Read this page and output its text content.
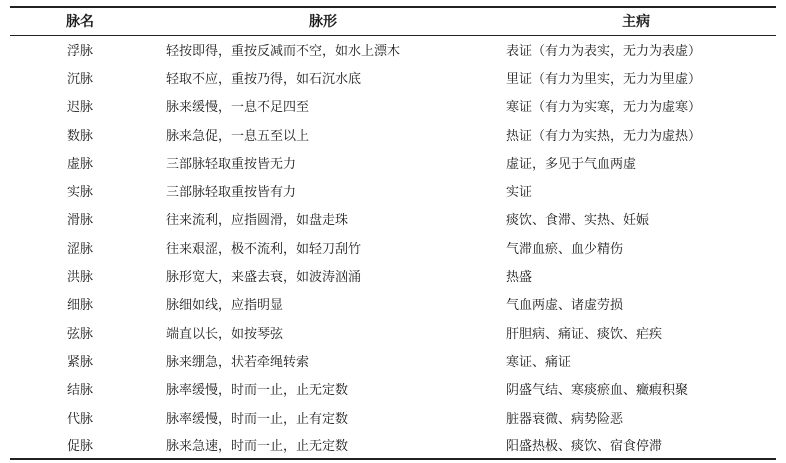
脉名	脉形	主病
浮脉	轻按即得，重按反减而不空，如水上漂木	表证（有力为表实，无力为表虚）
沉脉	轻取不应，重按乃得，如石沉水底	里证（有力为里实，无力为里虚）
迟脉	脉来缓慢，一息不足四至	寒证（有力为实寒，无力为虚寒）
数脉	脉来急促，一息五至以上	热证（有力为实热，无力为虚热）
虚脉	三部脉轻取重按皆无力	虚证，多见于气血两虚
实脉	三部脉轻取重按皆有力	实证
滑脉	往来流利，应指圆滑，如盘走珠	痰饮、食滞、实热、妊娠
涩脉	往来艰涩，极不流利，如轻刀刮竹	气滞血瘀、血少精伤
洪脉	脉形宽大，来盛去衰，如波涛汹涌	热盛
细脉	脉细如线，应指明显	气血两虚、诸虚劳损
弦脉	端直以长，如按琴弦	肝胆病、痛证、痰饮、疟疾
紧脉	脉来绷急，状若牵绳转索	寒证、痛证
结脉	脉率缓慢，时而一止，止无定数	阴盛气结、寒痰瘀血、癥瘕积聚
代脉	脉率缓慢，时而一止，止有定数	脏器衰微、病势险恶
促脉	脉来急速，时而一止，止无定数	阳盛热极、痰饮、宿食停滞
